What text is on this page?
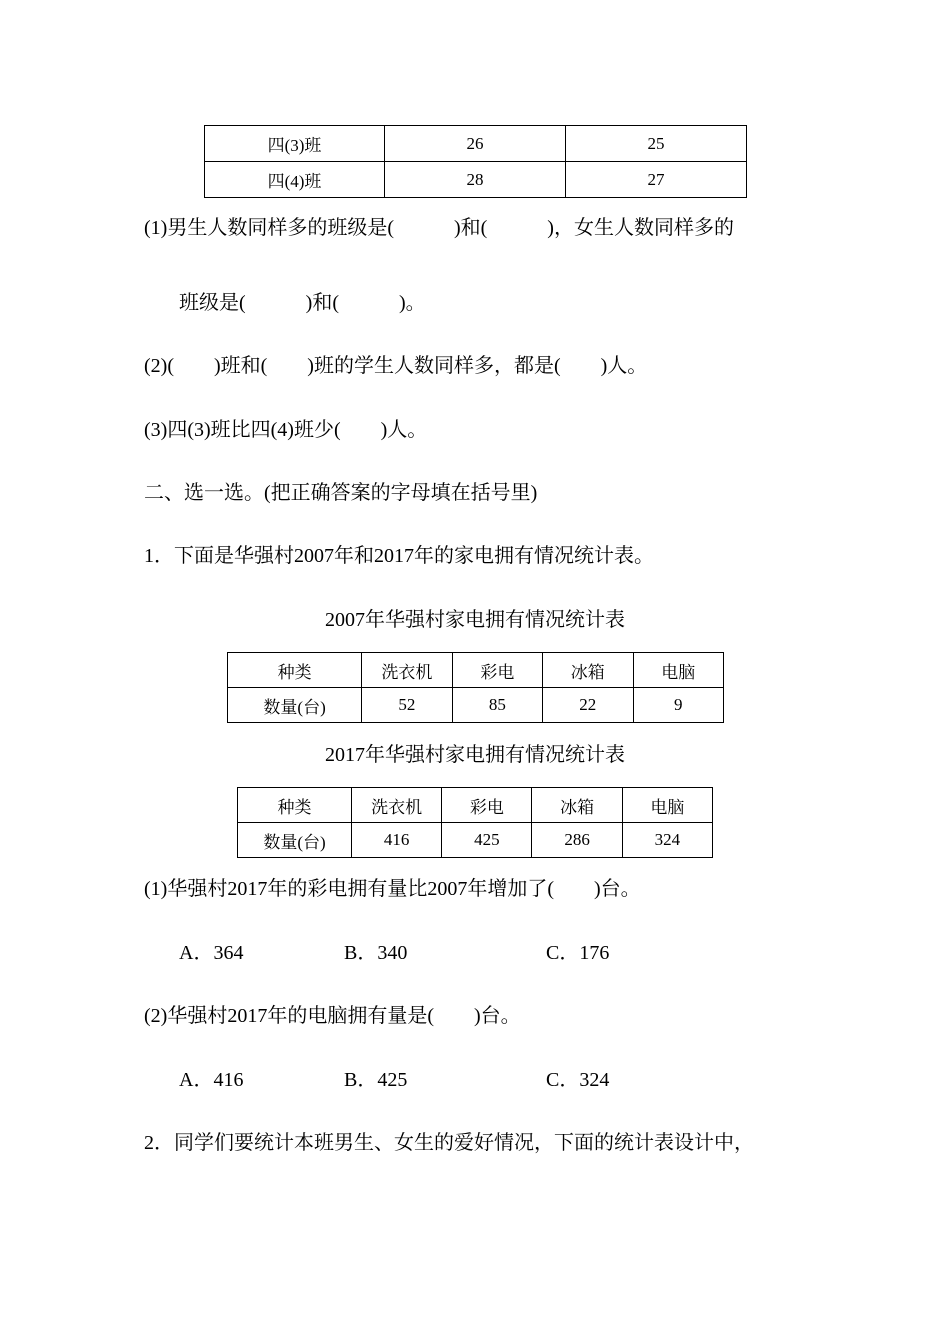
四(3)班	26	25
四(4)班	28	27
(1)男生人数同样多的班级是(　　　)和(　　　)，女生人数同样多的
班级是(　　　)和(　　　)。
(2)(　　)班和(　　)班的学生人数同样多，都是(　　)人。
(3)四(3)班比四(4)班少(　　)人。
二、选一选。(把正确答案的字母填在括号里)
1．下面是华强村2007年和2017年的家电拥有情况统计表。
2007年华强村家电拥有情况统计表
种类	洗衣机	彩电	冰箱	电脑
数量(台)	52	85	22	9
2017年华强村家电拥有情况统计表
种类	洗衣机	彩电	冰箱	电脑
数量(台)	416	425	286	324
(1)华强村2017年的彩电拥有量比2007年增加了(　　)台。
A．364	B．340	C．176
(2)华强村2017年的电脑拥有量是(　　)台。
A．416	B．425	C．324
2．同学们要统计本班男生、女生的爱好情况，下面的统计表设计中，
